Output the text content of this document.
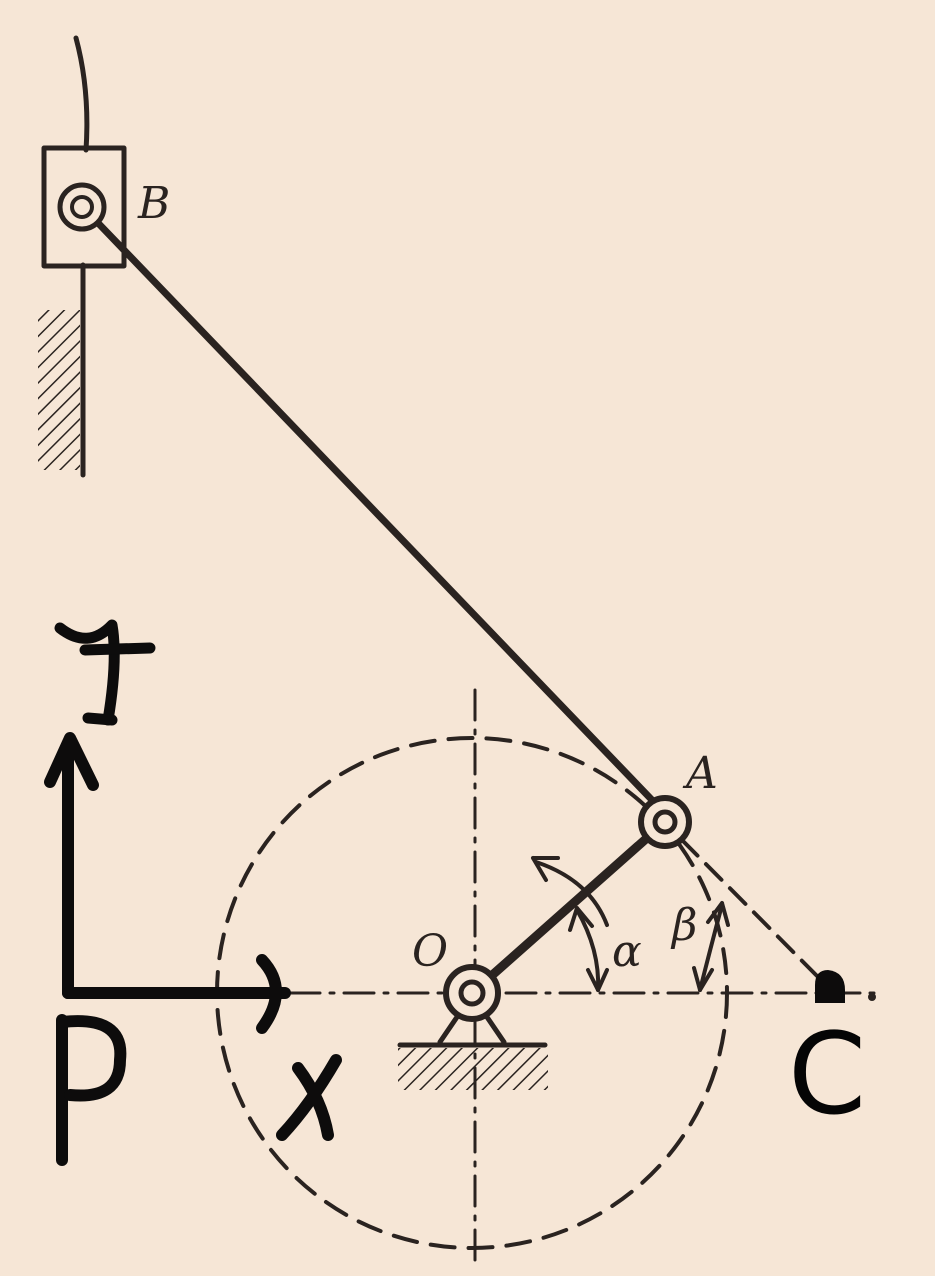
B
A
O	α
β
C
